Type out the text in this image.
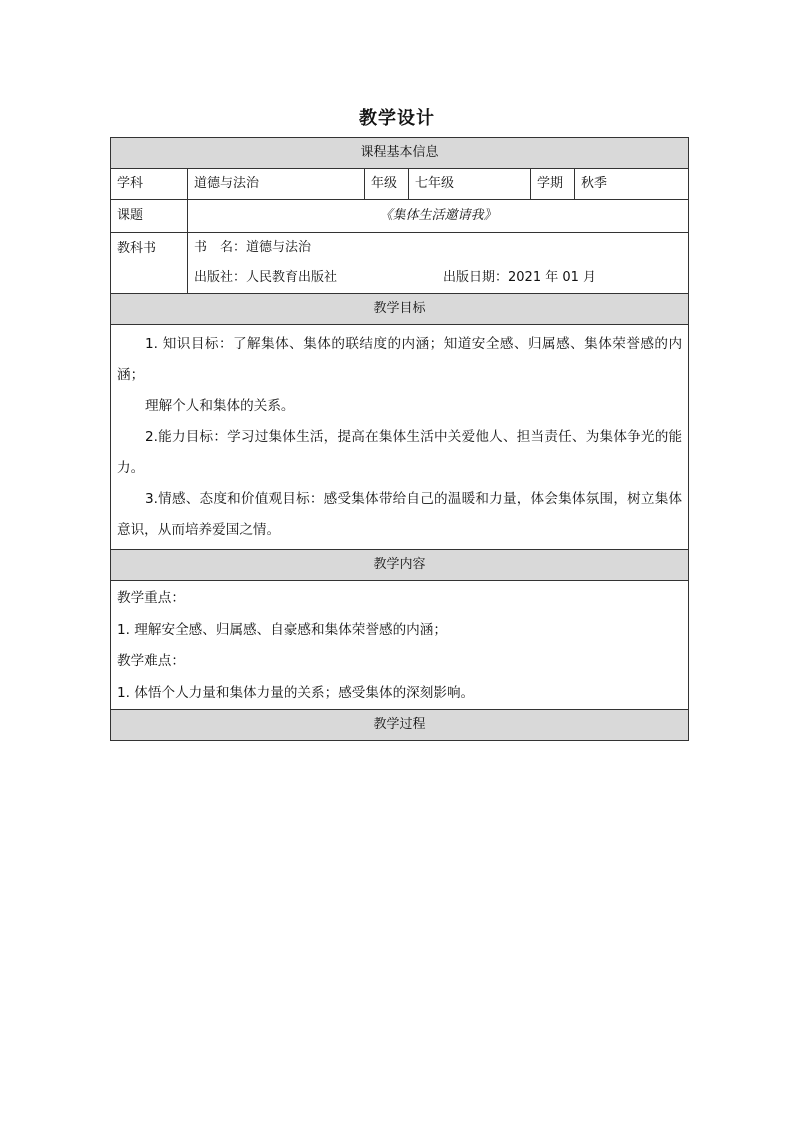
教学设计
课程基本信息					
学科	道德与法治	年级	七年级	学期	秋季
课题	《集体生活邀请我》				
教科书	书　名：道德与法治
出版社：人民教育出版社 出版日期：2021 年 01 月				

教学目标					

1. 知识目标：了解集体、集体的联结度的内涵；知道安全感、归属感、集体荣誉感的内涵；

理解个人和集体的关系。

2.能力目标：学习过集体生活，提高在集体生活中关爱他人、担当责任、为集体争光的能力。

3.情感、态度和价值观目标：感受集体带给自己的温暖和力量，体会集体氛围，树立集体意识，从而培养爱国之情。					

教学内容					

教学重点：

1. 理解安全感、归属感、自豪感和集体荣誉感的内涵；

教学难点：

1. 体悟个人力量和集体力量的关系；感受集体的深刻影响。					

教学过程					
